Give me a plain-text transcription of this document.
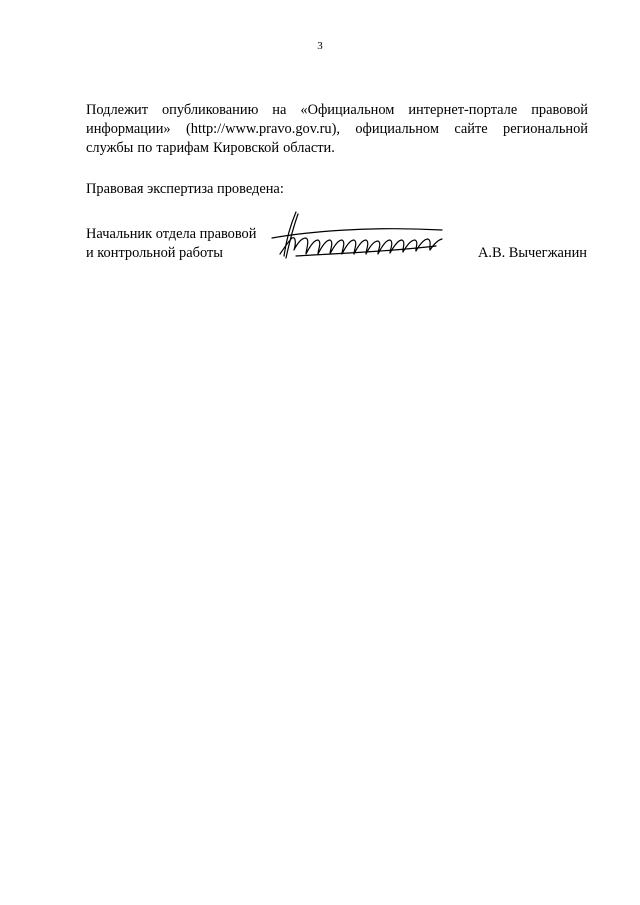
3

Подлежит опубликованию на «Официальном интернет-портале правовой информации» (http://www.pravo.gov.ru), официальном сайте региональной службы по тарифам Кировской области.

Правовая экспертиза проведена:

Начальник отдела правовой
и контрольной работы	А.В. Вычегжанин
